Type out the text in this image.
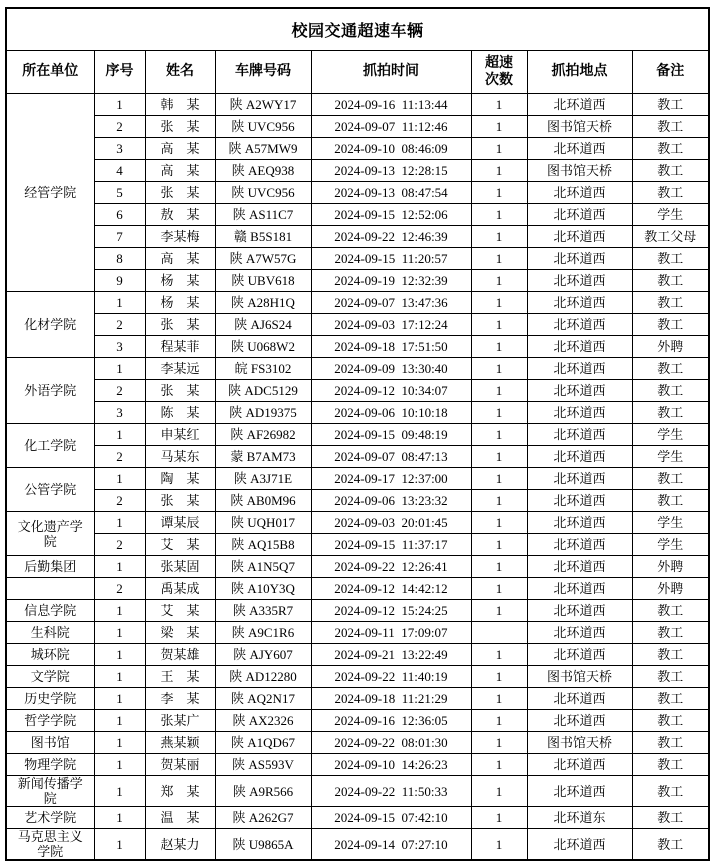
校园交通超速车辆							
所在单位	序号	姓名	车牌号码	抓拍时间	超速次数	抓拍地点	备注
经管学院	1	韩　某	陕 A2WY17	2024-09-16  11:13:44	1	北环道西	教工
	2	张　某	陕 UVC956	2024-09-07  11:12:46	1	图书馆天桥	教工
	3	高　某	陕 A57MW9	2024-09-10  08:46:09	1	北环道西	教工
	4	高　某	陕 AEQ938	2024-09-13  12:28:15	1	图书馆天桥	教工
	5	张　某	陕 UVC956	2024-09-13  08:47:54	1	北环道西	教工
	6	敖　某	陕 AS11C7	2024-09-15  12:52:06	1	北环道西	学生
	7	李某梅	赣 B5S181	2024-09-22  12:46:39	1	北环道西	教工父母
	8	高　某	陕 A7W57G	2024-09-15  11:20:57	1	北环道西	教工
	9	杨　某	陕 UBV618	2024-09-19  12:32:39	1	北环道西	教工
化材学院	1	杨　某	陕 A28H1Q	2024-09-07  13:47:36	1	北环道西	教工
	2	张　某	陕 AJ6S24	2024-09-03  17:12:24	1	北环道西	教工
	3	程某菲	陕 U068W2	2024-09-18  17:51:50	1	北环道西	外聘
外语学院	1	李某远	皖 FS3102	2024-09-09  13:30:40	1	北环道西	教工
	2	张　某	陕 ADC5129	2024-09-12  10:34:07	1	北环道西	教工
	3	陈　某	陕 AD19375	2024-09-06  10:10:18	1	北环道西	教工
化工学院	1	申某红	陕 AF26982	2024-09-15  09:48:19	1	北环道西	学生
	2	马某东	蒙 B7AM73	2024-09-07  08:47:13	1	北环道西	学生
公管学院	1	陶　某	陕 A3J71E	2024-09-17  12:37:00	1	北环道西	教工
	2	张　某	陕 AB0M96	2024-09-06  13:23:32	1	北环道西	教工
文化遗产学院	1	谭某辰	陕 UQH017	2024-09-03  20:01:45	1	北环道西	学生
	2	艾　某	陕 AQ15B8	2024-09-15  11:37:17	1	北环道西	学生
后勤集团	1	张某固	陕 A1N5Q7	2024-09-22  12:26:41	1	北环道西	外聘
	2	禹某成	陕 A10Y3Q	2024-09-12  14:42:12	1	北环道西	外聘
信息学院	1	艾　某	陕 A335R7	2024-09-12  15:24:25	1	北环道西	教工
生科院	1	梁　某	陕 A9C1R6	2024-09-11  17:09:07		北环道西	教工
城环院	1	贺某雄	陕 AJY607	2024-09-21  13:22:49	1	北环道西	教工
文学院	1	王　某	陕 AD12280	2024-09-22  11:40:19	1	图书馆天桥	教工
历史学院	1	李　某	陕 AQ2N17	2024-09-18  11:21:29	1	北环道西	教工
哲学学院	1	张某广	陕 AX2326	2024-09-16  12:36:05	1	北环道西	教工
图书馆	1	燕某颖	陕 A1QD67	2024-09-22  08:01:30	1	图书馆天桥	教工
物理学院	1	贺某丽	陕 AS593V	2024-09-10  14:26:23	1	北环道西	教工
新闻传播学院	1	郑　某	陕 A9R566	2024-09-22  11:50:33	1	北环道西	教工
艺术学院	1	温　某	陕 A262G7	2024-09-15  07:42:10	1	北环道东	教工
马克思主义学院	1	赵某力	陕 U9865A	2024-09-14  07:27:10	1	北环道西	教工
